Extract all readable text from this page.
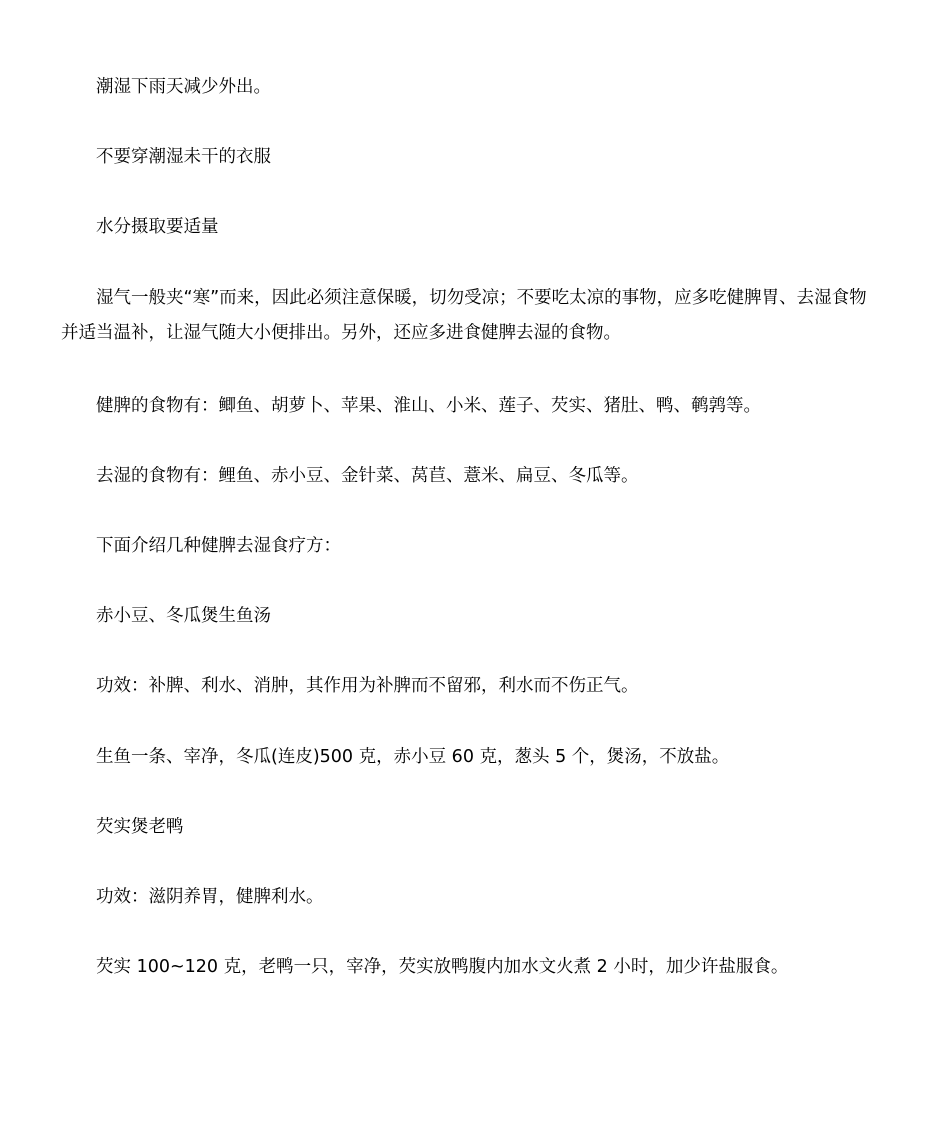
潮湿下雨天减少外出。

不要穿潮湿未干的衣服

水分摄取要适量

湿气一般夹“寒”而来，因此必须注意保暖，切勿受凉；不要吃太凉的事物，应多吃健脾胃、去湿食物并适当温补，让湿气随大小便排出。另外，还应多进食健脾去湿的食物。

健脾的食物有：鲫鱼、胡萝卜、苹果、淮山、小米、莲子、芡实、猪肚、鸭、鹌鹑等。

去湿的食物有：鲤鱼、赤小豆、金针菜、莴苣、薏米、扁豆、冬瓜等。

下面介绍几种健脾去湿食疗方：

赤小豆、冬瓜煲生鱼汤

功效：补脾、利水、消肿，其作用为补脾而不留邪，利水而不伤正气。

生鱼一条、宰净，冬瓜(连皮)500 克，赤小豆 60 克，葱头 5 个，煲汤，不放盐。

芡实煲老鸭

功效：滋阴养胃，健脾利水。

芡实 100~120 克，老鸭一只，宰净，芡实放鸭腹内加水文火煮 2 小时，加少许盐服食。
